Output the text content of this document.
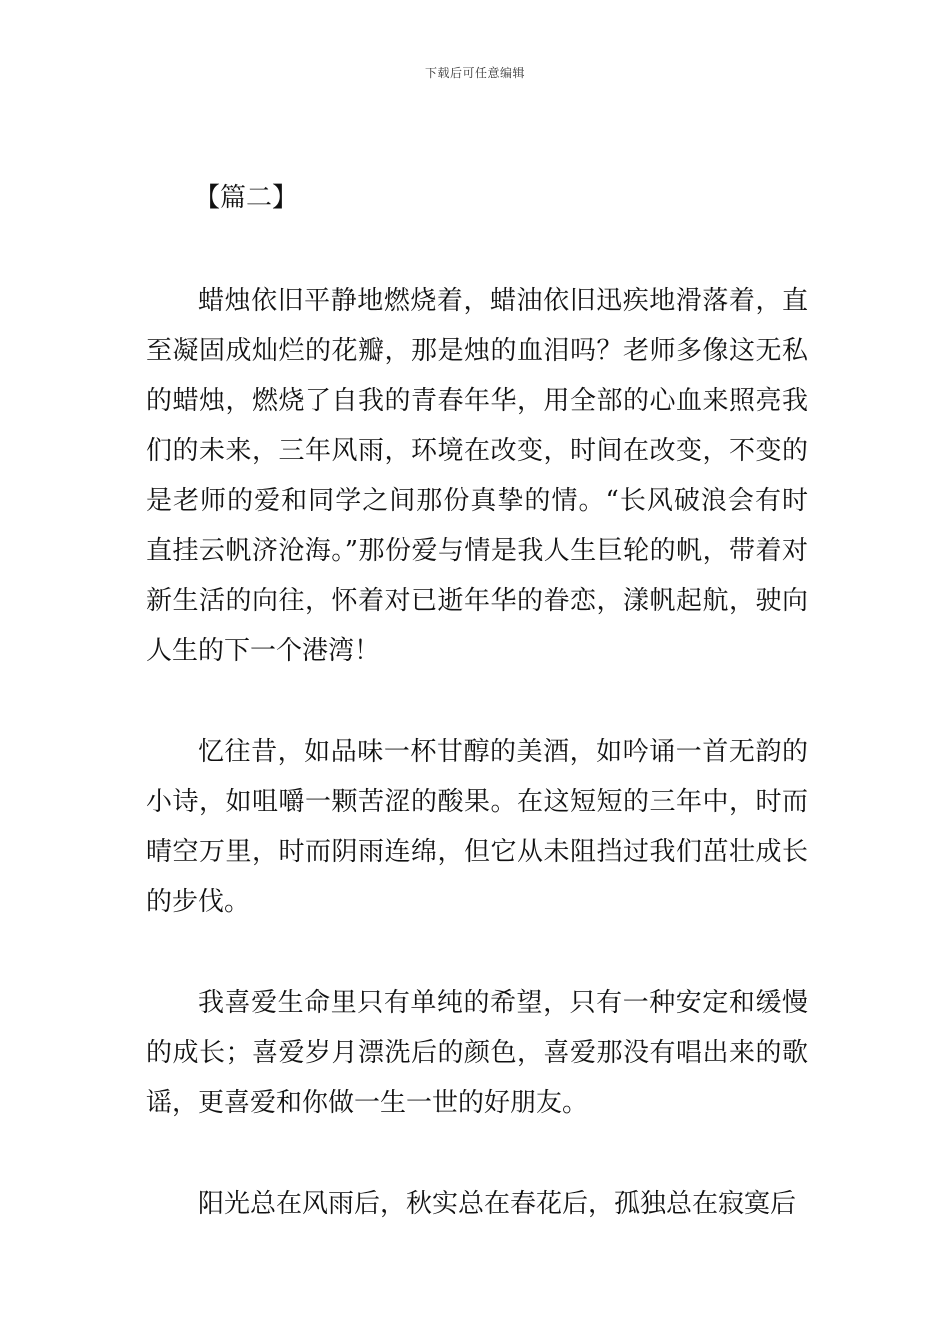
下载后可任意编辑
【篇二】

蜡烛依旧平静地燃烧着，蜡油依旧迅疾地滑落着，直至凝固成灿烂的花瓣，那是烛的血泪吗？老师多像这无私的蜡烛，燃烧了自我的青春年华，用全部的心血来照亮我们的未来，三年风雨，环境在改变，时间在改变，不变的是老师的爱和同学之间那份真挚的情。“长风破浪会有时直挂云帆济沧海。”那份爱与情是我人生巨轮的帆，带着对新生活的向往，怀着对已逝年华的眷恋，漾帆起航，驶向人生的下一个港湾！

忆往昔，如品味一杯甘醇的美酒，如吟诵一首无韵的小诗，如咀嚼一颗苦涩的酸果。在这短短的三年中，时而晴空万里，时而阴雨连绵，但它从未阻挡过我们茁壮成长的步伐。

我喜爱生命里只有单纯的希望，只有一种安定和缓慢的成长；喜爱岁月漂洗后的颜色，喜爱那没有唱出来的歌谣，更喜爱和你做一生一世的好朋友。

阳光总在风雨后，秋实总在春花后，孤独总在寂寞后
